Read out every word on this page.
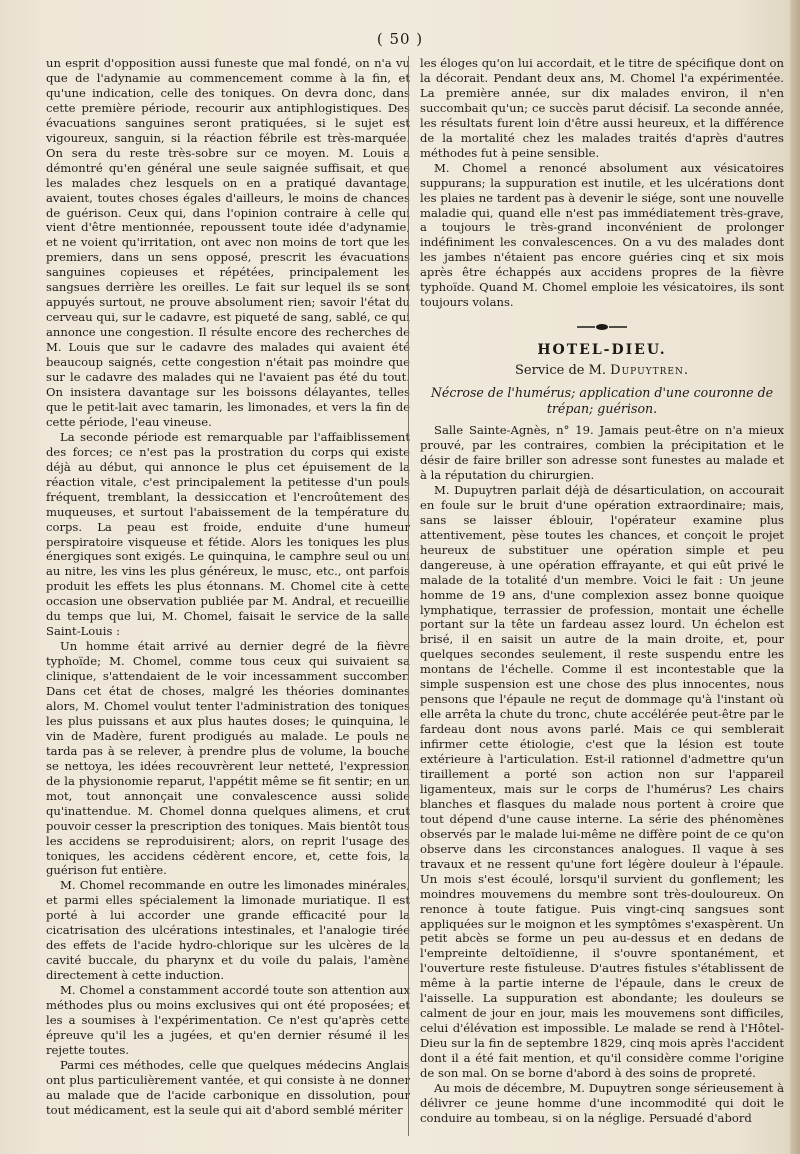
( 50 )

un esprit d'opposition aussi funeste que mal fondé, on n'a vu que de l'adynamie au commencement comme à la fin, et qu'une indication, celle des toniques. On devra donc, dans cette première période, recourir aux antiphlogistiques. Des évacuations sanguines seront pratiquées, si le sujet est vigoureux, sanguin, si la réaction fébrile est très-marquée. On sera du reste très-sobre sur ce moyen. M. Louis a démontré qu'en général une seule saignée suffisait, et que les malades chez lesquels on en a pratiqué davantage, avaient, toutes choses égales d'ailleurs, le moins de chances de guérison. Ceux qui, dans l'opinion contraire à celle qui vient d'être mentionnée, repoussent toute idée d'adynamie, et ne voient qu'irritation, ont avec non moins de tort que les premiers, dans un sens opposé, prescrit les évacuations sanguines copieuses et répétées, principalement les sangsues derrière les oreilles. Le fait sur lequel ils se sont appuyés surtout, ne prouve absolument rien; savoir l'état du cerveau qui, sur le cadavre, est piqueté de sang, sablé, ce qui annonce une congestion. Il résulte encore des recherches de M. Louis que sur le cadavre des malades qui avaient été beaucoup saignés, cette congestion n'était pas moindre que sur le cadavre des malades qui ne l'avaient pas été du tout. On insistera davantage sur les boissons délayantes, telles que le petit-lait avec tamarin, les limonades, et vers la fin de cette période, l'eau vineuse.

La seconde période est remarquable par l'affaiblissement des forces; ce n'est pas la prostration du corps qui existe déjà au début, qui annonce le plus cet épuisement de la réaction vitale, c'est principalement la petitesse d'un pouls fréquent, tremblant, la dessiccation et l'encroûtement des muqueuses, et surtout l'abaissement de la température du corps. La peau est froide, enduite d'une humeur perspiratoire visqueuse et fétide. Alors les toniques les plus énergiques sont exigés. Le quinquina, le camphre seul ou uni au nitre, les vins les plus généreux, le musc, etc., ont parfois produit les effets les plus étonnans. M. Chomel cite à cette occasion une observation publiée par M. Andral, et recueillie du temps que lui, M. Chomel, faisait le service de la salle Saint-Louis :

Un homme était arrivé au dernier degré de la fièvre typhoïde; M. Chomel, comme tous ceux qui suivaient sa clinique, s'attendaient de le voir incessamment succomber. Dans cet état de choses, malgré les théories dominantes alors, M. Chomel voulut tenter l'administration des toniques les plus puissans et aux plus hautes doses; le quinquina, le vin de Madère, furent prodigués au malade. Le pouls ne tarda pas à se relever, à prendre plus de volume, la bouche se nettoya, les idées recouvrèrent leur netteté, l'expression de la physionomie reparut, l'appétit même se fit sentir; en un mot, tout annonçait une convalescence aussi solide qu'inattendue. M. Chomel donna quelques alimens, et crut pouvoir cesser la prescription des toniques. Mais bientôt tous les accidens se reproduisirent; alors, on reprit l'usage des toniques, les accidens cédèrent encore, et, cette fois, la guérison fut entière.

M. Chomel recommande en outre les limonades minérales, et parmi elles spécialement la limonade muriatique. Il est porté à lui accorder une grande efficacité pour la cicatrisation des ulcérations intestinales, et l'analogie tirée des effets de l'acide hydro-chlorique sur les ulcères de la cavité buccale, du pharynx et du voile du palais, l'amène directement à cette induction.

M. Chomel a constamment accordé toute son attention aux méthodes plus ou moins exclusives qui ont été proposées; et les a soumises à l'expérimentation. Ce n'est qu'après cette épreuve qu'il les a jugées, et qu'en dernier résumé il les rejette toutes.

Parmi ces méthodes, celle que quelques médecins Anglais ont plus particulièrement vantée, et qui consiste à ne donner au malade que de l'acide carbonique en dissolution, pour tout médicament, est la seule qui ait d'abord semblé mériter

les éloges qu'on lui accordait, et le titre de spécifique dont on la décorait. Pendant deux ans, M. Chomel l'a expérimentée. La première année, sur dix malades environ, il n'en succombait qu'un; ce succès parut décisif. La seconde année, les résultats furent loin d'être aussi heureux, et la différence de la mortalité chez les malades traités d'après d'autres méthodes fut à peine sensible.

M. Chomel a renoncé absolument aux vésicatoires suppurans; la suppuration est inutile, et les ulcérations dont les plaies ne tardent pas à devenir le siége, sont une nouvelle maladie qui, quand elle n'est pas immédiatement très-grave, a toujours le très-grand inconvénient de prolonger indéfiniment les convalescences. On a vu des malades dont les jambes n'étaient pas encore guéries cinq et six mois après être échappés aux accidens propres de la fièvre typhoïde. Quand M. Chomel emploie les vésicatoires, ils sont toujours volans.

HOTEL-DIEU.
Service de M. Dupuytren.
Nécrose de l'humérus; application d'une couronne de trépan; guérison.

Salle Sainte-Agnès, n° 19. Jamais peut-être on n'a mieux prouvé, par les contraires, combien la précipitation et le désir de faire briller son adresse sont funestes au malade et à la réputation du chirurgien.

M. Dupuytren parlait déjà de désarticulation, on accourait en foule sur le bruit d'une opération extraordinaire; mais, sans se laisser éblouir, l'opérateur examine plus attentivement, pèse toutes les chances, et conçoit le projet heureux de substituer une opération simple et peu dangereuse, à une opération effrayante, et qui eût privé le malade de la totalité d'un membre. Voici le fait : Un jeune homme de 19 ans, d'une complexion assez bonne quoique lymphatique, terrassier de profession, montait une échelle portant sur la tête un fardeau assez lourd. Un échelon est brisé, il en saisit un autre de la main droite, et, pour quelques secondes seulement, il reste suspendu entre les montans de l'échelle. Comme il est incontestable que la simple suspension est une chose des plus innocentes, nous pensons que l'épaule ne reçut de dommage qu'à l'instant où elle arrêta la chute du tronc, chute accélérée peut-être par le fardeau dont nous avons parlé. Mais ce qui semblerait infirmer cette étiologie, c'est que la lésion est toute extérieure à l'articulation. Est-il rationnel d'admettre qu'un tiraillement a porté son action non sur l'appareil ligamenteux, mais sur le corps de l'humérus? Les chairs blanches et flasques du malade nous portent à croire que tout dépend d'une cause interne. La série des phénomènes observés par le malade lui-même ne diffère point de ce qu'on observe dans les circonstances analogues. Il vaque à ses travaux et ne ressent qu'une fort légère douleur à l'épaule. Un mois s'est écoulé, lorsqu'il survient du gonflement; les moindres mouvemens du membre sont très-douloureux. On renonce à toute fatigue. Puis vingt-cinq sangsues sont appliquées sur le moignon et les symptômes s'exaspèrent. Un petit abcès se forme un peu au-dessus et en dedans de l'empreinte deltoïdienne, il s'ouvre spontanément, et l'ouverture reste fistuleuse. D'autres fistules s'établissent de même à la partie interne de l'épaule, dans le creux de l'aisselle. La suppuration est abondante; les douleurs se calment de jour en jour, mais les mouvemens sont difficiles, celui d'élévation est impossible. Le malade se rend à l'Hôtel-Dieu sur la fin de septembre 1829, cinq mois après l'accident dont il a été fait mention, et qu'il considère comme l'origine de son mal. On se borne d'abord à des soins de propreté.

Au mois de décembre, M. Dupuytren songe sérieusement à délivrer ce jeune homme d'une incommodité qui doit le conduire au tombeau, si on la néglige. Persuadé d'abord
